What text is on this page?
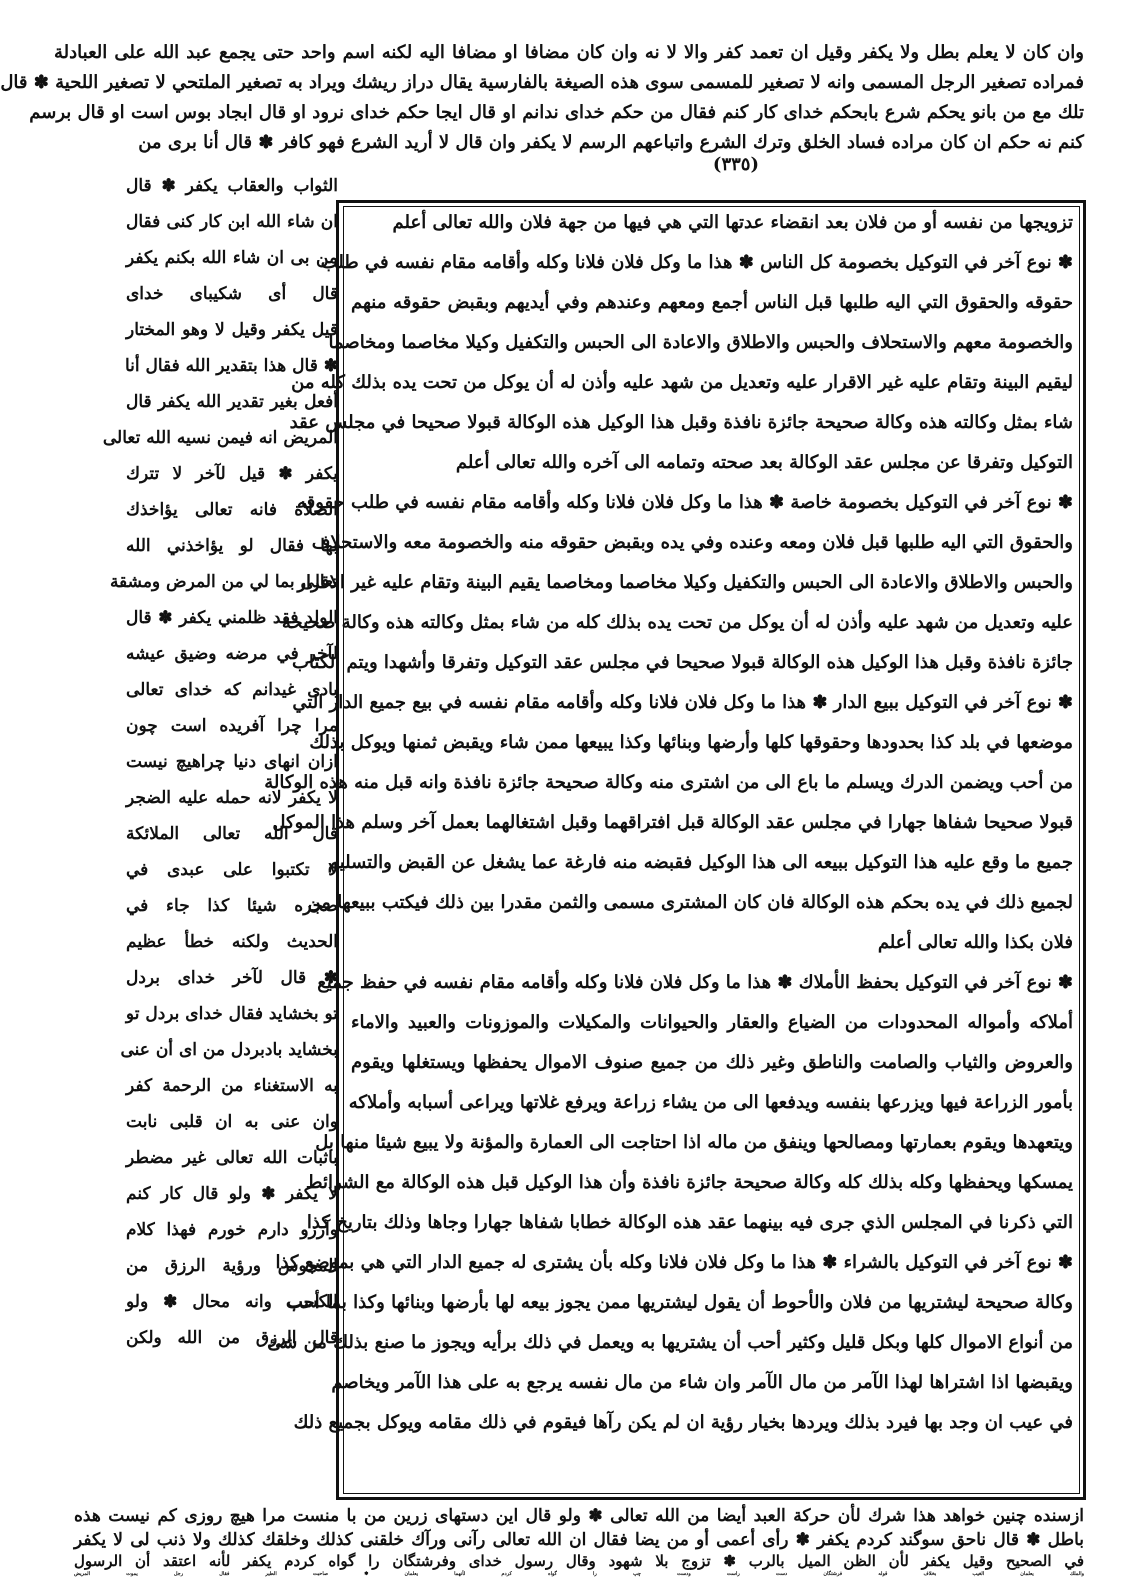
وان كان لا يعلم بطل ولا يكفر وقيل ان تعمد كفر والا لا نه وان كان مضافا او مضافا اليه لكنه اسم واحد حتى يجمع عبد الله على العبادلة
فمراده تصغير الرجل المسمى وانه لا تصغير للمسمى سوى هذه الصيغة بالفارسية يقال دراز ريشك ويراد به تصغير الملتحي لا تصغير اللحية ✽ قال
تلك مع من بانو يحكم شرع بابحكم خداى كار كنم فقال من حكم خداى ندانم او قال ايجا حكم خداى نرود او قال ابجاد بوس است او قال برسم
كنم نه حكم ان كان مراده فساد الخلق وترك الشرع واتباعهم الرسم لا يكفر وان قال لا أريد الشرع فهو كافر ✽ قال أنا برى من
(٣٣٥)
الثواب والعقاب يكفر ✽ قال
ان شاء الله ابن كار كنى فقال
من بى ان شاء الله بكنم يكفر
قال أى شكيباى خداى
قيل يكفر وقيل لا وهو المختار
✽ قال هذا بتقدير الله فقال أنا
أفعل بغير تقدير الله يكفر قال
المريض انه فيمن نسيه الله تعالى
يكفر ✽ قيل لآخر لا تترك
الصلاة فانه تعالى يؤاخذك
بها فقال لو يؤاخذني الله
تعالى بما لي من المرض ومشقة
الولد فقد ظلمني يكفر ✽ قال
لآخر في مرضه وضيق عيشه
بادى غيدانم كه خداى تعالى
مرا چرا آفريده است چون
ازان انهاى دنيا چراهيچ نيست
لا يكفر لانه حمله عليه الضجر
قال الله تعالى الملائكة
لا تكتبوا على عبدى في
ضجره شيئا كذا جاء في
الحديث ولكنه خطأ عظيم
✽ قال لآخر خداى بردل
تو بخشايد فقال خداى بردل تو
بخشايد بادبردل من اى أن عنى
به الاستغناء من الرحمة كفر
وان عنى به ان قلبى نابت
باثبات الله تعالى غير مضطر
لا يكفر ✽ ولو قال كار كنم
وآرزو دارم خورم فهذا كلام
المجوس ورؤية الرزق من
الكسب وانه محال ✽ ولو
قال الرزق من الله ولكن
تزويجها من نفسه أو من فلان بعد انقضاء عدتها التي هي فيها من جهة فلان والله تعالى أعلم
✽ نوع آخر في التوكيل بخصومة كل الناس ✽ هذا ما وكل فلان فلانا وكله وأقامه مقام نفسه في طلب
حقوقه والحقوق التي اليه طلبها قبل الناس أجمع ومعهم وعندهم وفي أيديهم وبقبض حقوقه منهم
والخصومة معهم والاستحلاف والحبس والاطلاق والاعادة الى الحبس والتكفيل وكيلا مخاصما ومخاصما
ليقيم البينة وتقام عليه غير الاقرار عليه وتعديل من شهد عليه وأذن له أن يوكل من تحت يده بذلك كله من
شاء بمثل وكالته هذه وكالة صحيحة جائزة نافذة وقبل هذا الوكيل هذه الوكالة قبولا صحيحا في مجلس عقد
التوكيل وتفرقا عن مجلس عقد الوكالة بعد صحته وتمامه الى آخره والله تعالى أعلم
✽ نوع آخر في التوكيل بخصومة خاصة ✽ هذا ما وكل فلان فلانا وكله وأقامه مقام نفسه في طلب حقوقه
والحقوق التي اليه طلبها قبل فلان ومعه وعنده وفي يده وبقبض حقوقه منه والخصومة معه والاستحلاف
والحبس والاطلاق والاعادة الى الحبس والتكفيل وكيلا مخاصما ومخاصما يقيم البينة وتقام عليه غير الاقرار
عليه وتعديل من شهد عليه وأذن له أن يوكل من تحت يده بذلك كله من شاء بمثل وكالته هذه وكالة صحيحة
جائزة نافذة وقبل هذا الوكيل هذه الوكالة قبولا صحيحا في مجلس عقد التوكيل وتفرقا وأشهدا ويتم الكتاب
✽ نوع آخر في التوكيل ببيع الدار ✽ هذا ما وكل فلان فلانا وكله وأقامه مقام نفسه في بيع جميع الدار التي
موضعها في بلد كذا بحدودها وحقوقها كلها وأرضها وبنائها وكذا يبيعها ممن شاء ويقبض ثمنها ويوكل بذلك
من أحب ويضمن الدرك ويسلم ما باع الى من اشترى منه وكالة صحيحة جائزة نافذة وانه قبل منه هذه الوكالة
قبولا صحيحا شفاها جهارا في مجلس عقد الوكالة قبل افتراقهما وقبل اشتغالهما بعمل آخر وسلم هذا الموكل
جميع ما وقع عليه هذا التوكيل ببيعه الى هذا الوكيل فقبضه منه فارغة عما يشغل عن القبض والتسليم
لجميع ذلك في يده بحكم هذه الوكالة فان كان المشترى مسمى والثمن مقدرا بين ذلك فيكتب ببيعها من
فلان بكذا والله تعالى أعلم
✽ نوع آخر في التوكيل بحفظ الأملاك ✽ هذا ما وكل فلان فلانا وكله وأقامه مقام نفسه في حفظ جميع
أملاكه وأمواله المحدودات من الضياع والعقار والحيوانات والمكيلات والموزونات والعبيد والاماء
والعروض والثياب والصامت والناطق وغير ذلك من جميع صنوف الاموال يحفظها ويستغلها ويقوم
بأمور الزراعة فيها ويزرعها بنفسه ويدفعها الى من يشاء زراعة ويرفع غلاتها ويراعى أسبابه وأملاكه
ويتعهدها ويقوم بعمارتها ومصالحها وينفق من ماله اذا احتاجت الى العمارة والمؤنة ولا يبيع شيئا منها بل
يمسكها ويحفظها وكله بذلك كله وكالة صحيحة جائزة نافذة وأن هذا الوكيل قبل هذه الوكالة مع الشرائط
التي ذكرنا في المجلس الذي جرى فيه بينهما عقد هذه الوكالة خطابا شفاها جهارا وجاها وذلك بتاريخ كذا
✽ نوع آخر في التوكيل بالشراء ✽ هذا ما وكل فلان فلانا وكله بأن يشترى له جميع الدار التي هي بموضع كذا
وكالة صحيحة ليشتريها من فلان والأحوط أن يقول ليشتريها ممن يجوز بيعه لها بأرضها وبنائها وكذا بما أحب
من أنواع الاموال كلها وبكل قليل وكثير أحب أن يشتريها به ويعمل في ذلك برأيه ويجوز ما صنع بذلك من شئ
ويقبضها اذا اشتراها لهذا الآمر من مال الآمر وان شاء من مال نفسه يرجع به على هذا الآمر ويخاصم
في عيب ان وجد بها فيرد بذلك ويردها بخيار رؤية ان لم يكن رآها فيقوم في ذلك مقامه ويوكل بجميع ذلك
ازسنده چنين خواهد هذا شرك لأن حركة العبد أيضا من الله تعالى ✽ ولو قال اين دستهاى زرين من با منست مرا هيچ روزى كم نيست هذه
باطل ✽ قال ناحق سوگند كردم يكفر ✽ رأى أعمى أو من يضا فقال ان الله تعالى رآنى ورآك خلقنى كذلك وخلقك كذلك ولا ذنب لى لا يكفر
في الصحيح وقيل يكفر لأن الظن الميل بالرب ✽ تزوج بلا شهود وقال رسول خداى وفرشتگان را گواه كردم يكفر لأنه اعتقد أن الرسول
والملك يعلمان الغيب بخلاف قوله فرشتگان دست راست ودست چپ را گواه كردم لأنهما يعلمان ✽ صاحبت الطير فقال رجل يموت المريض
